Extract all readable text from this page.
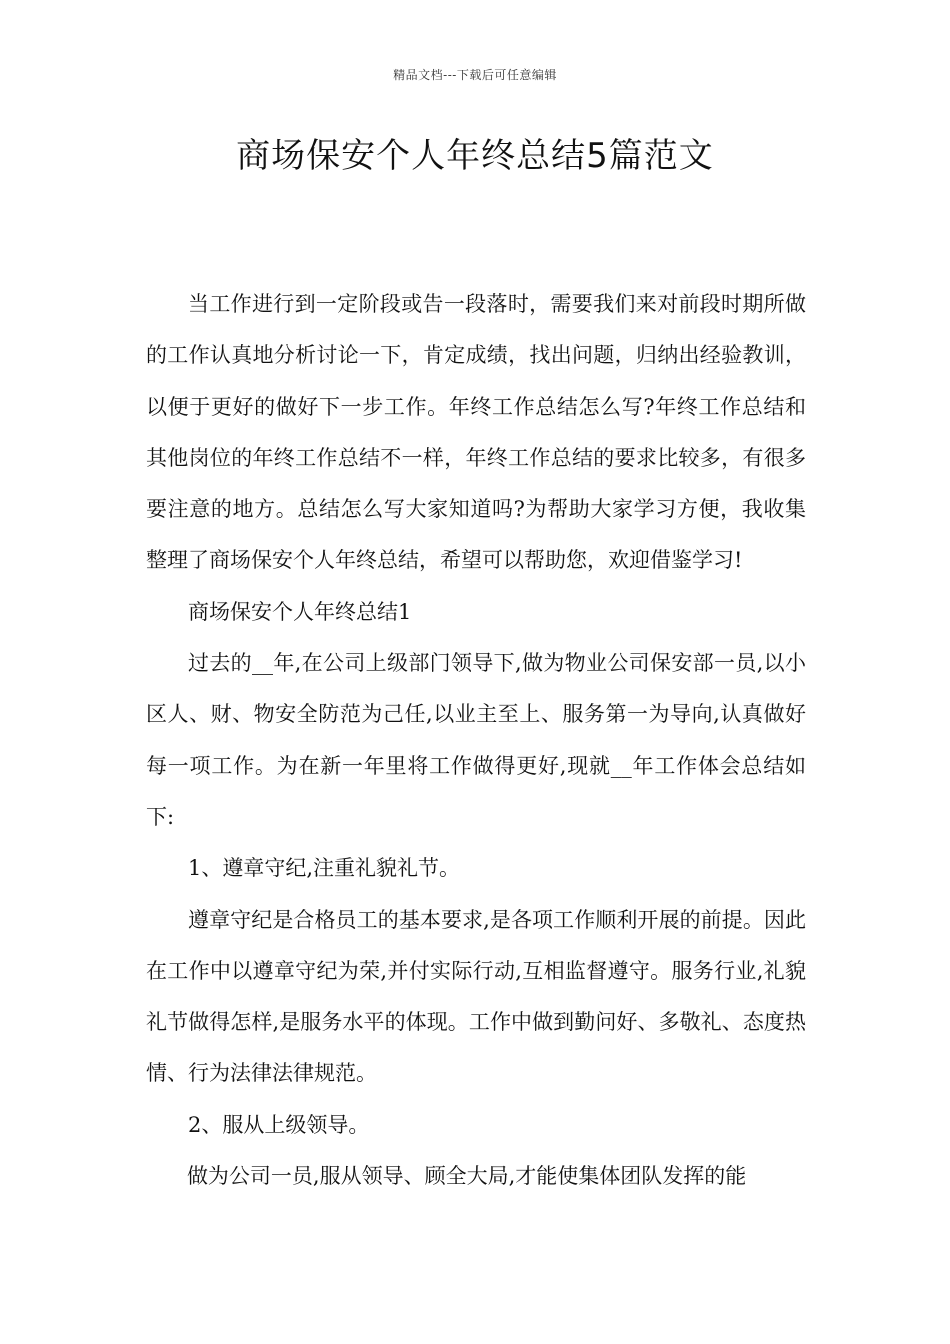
精品文档---下载后可任意编辑
商场保安个人年终总结5篇范文

当工作进行到一定阶段或告一段落时，需要我们来对前段时期所做的工作认真地分析讨论一下，肯定成绩，找出问题，归纳出经验教训，以便于更好的做好下一步工作。年终工作总结怎么写?年终工作总结和其他岗位的年终工作总结不一样，年终工作总结的要求比较多，有很多要注意的地方。总结怎么写大家知道吗?为帮助大家学习方便，我收集整理了商场保安个人年终总结，希望可以帮助您，欢迎借鉴学习!

商场保安个人年终总结1

过去的__年,在公司上级部门领导下,做为物业公司保安部一员,以小区人、财、物安全防范为己任,以业主至上、服务第一为导向,认真做好每一项工作。为在新一年里将工作做得更好,现就__年工作体会总结如下:

1、遵章守纪,注重礼貌礼节。

遵章守纪是合格员工的基本要求,是各项工作顺利开展的前提。因此在工作中以遵章守纪为荣,并付实际行动,互相监督遵守。服务行业,礼貌礼节做得怎样,是服务水平的体现。工作中做到勤问好、多敬礼、态度热情、行为法律法律规范。

2、服从上级领导。

做为公司一员,服从领导、顾全大局,才能使集体团队发挥的能
